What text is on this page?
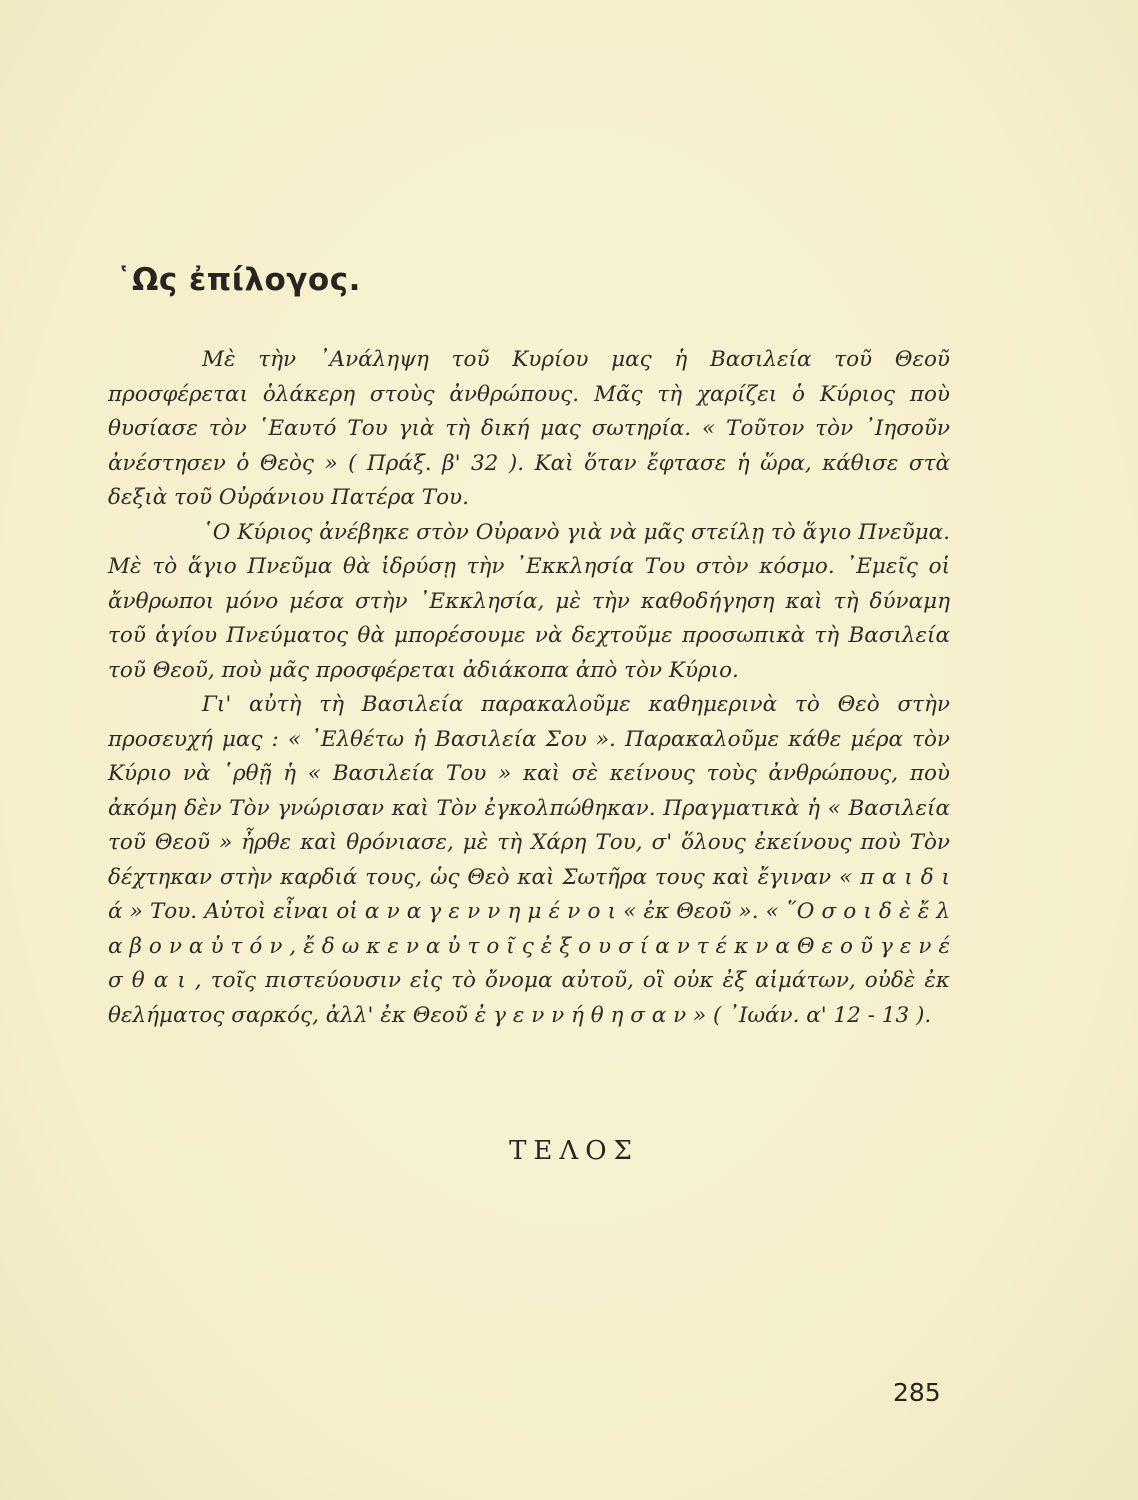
῾Ως ἐπίλογος.

Μὲ τὴν ᾿Ανάληψη τοῦ Κυρίου μας ἡ Βασιλεία τοῦ Θεοῦ προσφέρεται ὁλάκερη στοὺς ἀνθρώπους. Μᾶς τὴ χαρίζει ὁ Κύριος ποὺ θυσίασε τὸν ῾Εαυτό Του γιὰ τὴ δική μας σωτηρία. « Τοῦτον τὸν ᾿Ιησοῦν ἀνέστησεν ὁ Θεὸς » ( Πράξ. β' 32 ). Καὶ ὅταν ἔφτασε ἡ ὥρα, κάθισε στὰ δεξιὰ τοῦ Οὐράνιου Πατέρα Του.

῾Ο Κύριος ἀνέβηκε στὸν Οὐρανὸ γιὰ νὰ μᾶς στείλῃ τὸ ἅγιο Πνεῦμα. Μὲ τὸ ἅγιο Πνεῦμα θὰ ἱδρύσῃ τὴν ᾿Εκκλησία Του στὸν κόσμο. ᾿Εμεῖς οἱ ἄνθρωποι μόνο μέσα στὴν ᾿Εκκλησία, μὲ τὴν καθοδήγηση καὶ τὴ δύναμη τοῦ ἁγίου Πνεύματος θὰ μπορέσουμε νὰ δεχτοῦμε προσωπικὰ τὴ Βασιλεία τοῦ Θεοῦ, ποὺ μᾶς προσφέρεται ἀδιάκοπα ἀπὸ τὸν Κύριο.

Γι' αὐτὴ τὴ Βασιλεία παρακαλοῦμε καθημερινὰ τὸ Θεὸ στὴν προσευχή μας : « ᾿Ελθέτω ἡ Βασιλεία Σου ». Παρακαλοῦμε κάθε μέρα τὸν Κύριο νὰ ῾ρθῇ ἡ « Βασιλεία Του » καὶ σὲ κείνους τοὺς ἀνθρώπους, ποὺ ἀκόμη δὲν Τὸν γνώρισαν καὶ Τὸν ἐγκολπώθηκαν. Πραγματικὰ ἡ « Βασιλεία τοῦ Θεοῦ » ἦρθε καὶ θρόνιασε, μὲ τὴ Χάρη Του, σ' ὅλους ἐκείνους ποὺ Τὸν δέχτηκαν στὴν καρδιά τους, ὡς Θεὸ καὶ Σωτῆρα τους καὶ ἔγιναν « π α ι δ ι ά » Του. Αὐτοὶ εἶναι οἱ α ν α γ ε ν ν η μ έ ν ο ι « ἐκ Θεοῦ ». « ῞Ο σ ο ι δ ὲ ἔ λ α β ο ν α ὐ τ ό ν , ἔ δ ω κ ε ν α ὐ τ ο ῖ ς ἐ ξ ο υ σ ί α ν τ έ κ ν α Θ ε ο ῦ γ ε ν έ σ θ α ι , τοῖς πιστεύουσιν εἰς τὸ ὄνομα αὐτοῦ, οἳ οὐκ ἐξ αἱμάτων, οὐδὲ ἐκ θελήματος σαρκός, ἀλλ' ἐκ Θεοῦ ἐ γ ε ν ν ή θ η σ α ν » ( ᾿Ιωάν. α' 12 - 13 ).

ΤΕΛΟΣ
285
